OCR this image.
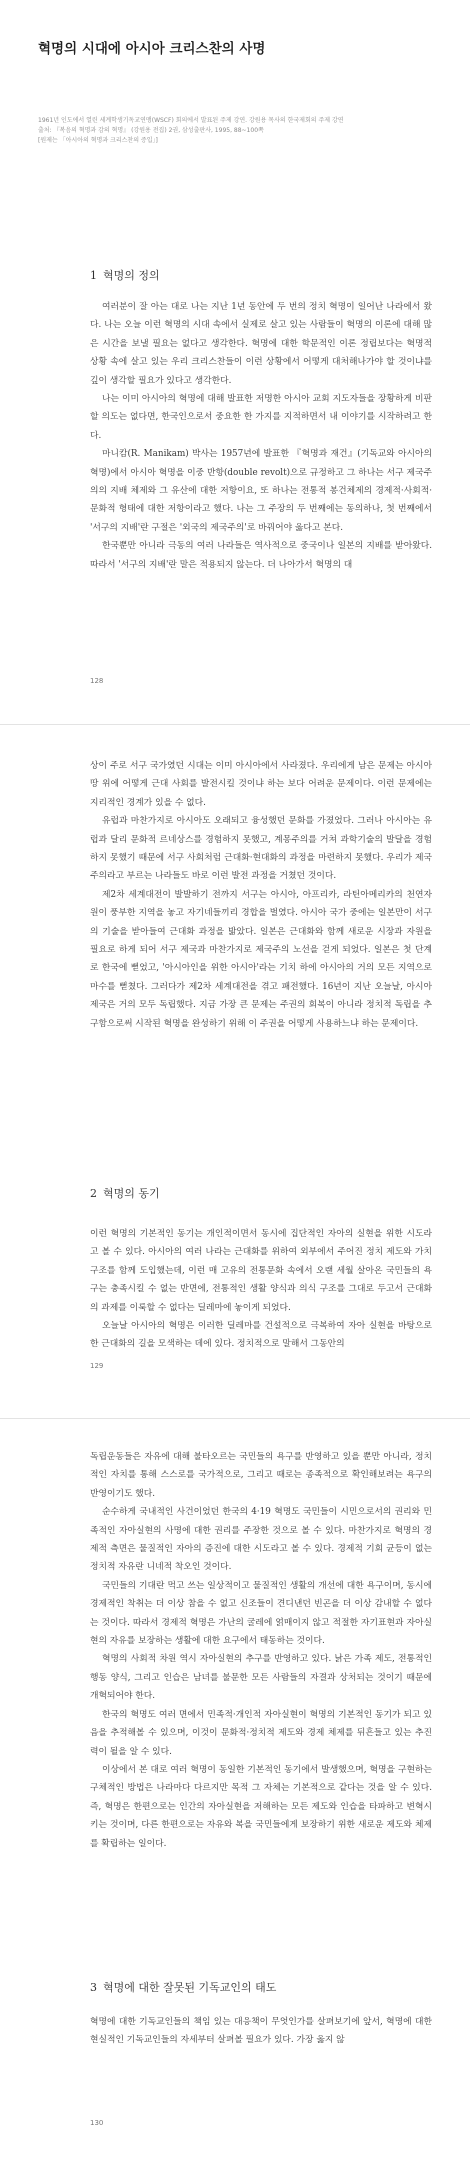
혁명의 시대에 아시아 크리스찬의 사명
1961년 인도에서 열린 세계학생기독교연맹(WSCF) 회의에서 발표된 주제 강연. 강원용 목사의 한국제회의 주제 강연
출처: 『복음의 혁명과 감의 혁명』 (강원용 전집) 2권, 삼성출판사, 1995, 88~100쪽
[원제는 「아시아의 혁명과 크리스찬의 증입」]
1 혁명의 정의

여러분이 잘 아는 대로 나는 지난 1년 동안에 두 번의 정치 혁명이 일어난 나라에서 왔다. 나는 오늘 이런 혁명의 시대 속에서 실제로 살고 있는 사람들이 혁명의 이론에 대해 많은 시간을 보낼 필요는 없다고 생각한다. 혁명에 대한 학문적인 이론 정립보다는 혁명적 상황 속에 살고 있는 우리 크리스찬들이 이런 상황에서 어떻게 대처해나가야 할 것이냐를 깊이 생각할 필요가 있다고 생각한다.

나는 이미 아시아의 혁명에 대해 발표한 저명한 아시아 교회 지도자들을 장황하게 비판할 의도는 없다면, 한국인으로서 중요한 한 가지를 지적하면서 내 이야기를 시작하려고 한다.

마니캄(R. Manikam) 박사는 1957년에 발표한 『혁명과 재건』(기독교와 아시아의 혁명)에서 아시아 혁명을 이중 반항(double revolt)으로 규정하고 그 하나는 서구 제국주의의 지배 체제와 그 유산에 대한 저항이요, 또 하나는 전통적 봉건체제의 경제적·사회적·문화적 형태에 대한 저항이라고 했다. 나는 그 주장의 두 번째에는 동의하나, 첫 번째에서 '서구의 지배'란 구절은 '외국의 제국주의'로 바꿔어야 옳다고 본다.

한국뿐만 아니라 극동의 여러 나라들은 역사적으로 중국이나 일본의 지배를 받아왔다. 따라서 '서구의 지배'란 말은 적용되지 않는다. 더 나아가서 혁명의 대

128

상이 주로 서구 국가였던 시대는 이미 아시아에서 사라졌다. 우리에게 남은 문제는 아시아 땅 위에 어떻게 근대 사회를 발전시킬 것이냐 하는 보다 어려운 문제이다. 이런 문제에는 지리적인 경계가 있을 수 없다.

유럽과 마찬가지로 아시아도 오래되고 융성했던 문화를 가졌었다. 그러나 아시아는 유럽과 달리 문화적 르네상스를 경험하지 못했고, 계몽주의를 거쳐 과학기술의 발달을 경험하지 못했기 때문에 서구 사회처럼 근대화·현대화의 과정을 마련하지 못했다. 우리가 제국주의라고 부르는 나라들도 바로 이런 발전 과정을 거쳤던 것이다.

제2차 세계대전이 발발하기 전까지 서구는 아시아, 아프리카, 라틴아메리카의 천연자원이 풍부한 지역을 놓고 자기네들끼리 경합을 벌였다. 아시아 국가 중에는 일본만이 서구의 기술을 받아들여 근대화 과정을 밟았다. 일본은 근대화와 함께 새로운 시장과 자원을 필요로 하게 되어 서구 제국과 마찬가지로 제국주의 노선을 걷게 되었다. 일본은 첫 단계로 한국에 뻗었고, '아시아인을 위한 아시아'라는 기치 하에 아시아의 거의 모든 지역으로 마수를 뻗쳤다. 그러다가 제2차 세계대전을 겪고 패전했다. 16년이 지난 오늘날, 아시아 제국은 거의 모두 독립했다. 지금 가장 큰 문제는 주권의 회복이 아니라 정치적 독립을 추구함으로써 시작된 혁명을 완성하기 위해 이 주권을 어떻게 사용하느냐 하는 문제이다.

2 혁명의 동기

이런 혁명의 기본적인 동기는 개인적이면서 동시에 집단적인 자아의 실현을 위한 시도라고 볼 수 있다. 아시아의 여러 나라는 근대화를 위하여 외부에서 주어진 정치 제도와 가치 구조를 함께 도입했는데, 이런 매 고유의 전통문화 속에서 오랜 세월 살아온 국민들의 욕구는 충족시킬 수 없는 반면에, 전통적인 생활 양식과 의식 구조를 그대로 두고서 근대화의 과제를 이룩할 수 없다는 딜레마에 놓이게 되었다.

오늘날 아시아의 혁명은 이러한 딜레마를 건설적으로 극복하여 자아 실현을 바탕으로 한 근대화의 길을 모색하는 데에 있다. 정치적으로 말해서 그동안의

129

독립운동들은 자유에 대해 불타오르는 국민들의 욕구를 반영하고 있을 뿐만 아니라, 정치적인 자치를 통해 스스로를 국가적으로, 그리고 때로는 종족적으로 확인해보려는 욕구의 반영이기도 했다.

순수하게 국내적인 사건이었던 한국의 4·19 혁명도 국민들이 시민으로서의 권리와 민족적인 자아실현의 사명에 대한 권리를 주장한 것으로 볼 수 있다. 마찬가지로 혁명의 경제적 측면은 물질적인 자아의 증진에 대한 시도라고 볼 수 있다. 경제적 기회 균등이 없는 정치적 자유란 니네적 착오인 것이다.

국민들의 기대란 먹고 쓰는 일상적이고 물질적인 생활의 개선에 대한 욕구이며, 동시에 경제적인 착취는 더 이상 참을 수 없고 신조들이 견디낸던 빈곤을 더 이상 감내할 수 없다는 것이다. 따라서 경제적 혁명은 가난의 굴레에 얽매이지 않고 적절한 자기표현과 자아실현의 자유를 보장하는 생활에 대한 요구에서 태동하는 것이다.

혁명의 사회적 차원 역시 자아실현의 추구를 반영하고 있다. 낡은 가족 제도, 전통적인 행동 양식, 그리고 인습은 남녀를 불문한 모든 사람들의 자결과 상처되는 것이기 때문에 개혁되어야 한다.

한국의 혁명도 여러 면에서 민족적·개인적 자아실현이 혁명의 기본적인 동기가 되고 있음을 추적해볼 수 있으며, 이것이 문화적·정치적 제도와 경제 체제를 뒤흔들고 있는 추진력이 될을 알 수 있다.

이상에서 본 대로 여러 혁명이 동일한 기본적인 동기에서 발생했으며, 혁명을 구현하는 구체적인 방법은 나라마다 다르지만 목적 그 자체는 기본적으로 같다는 것을 알 수 있다. 즉, 혁명은 한편으로는 인간의 자아실현을 저해하는 모든 제도와 인습을 타파하고 변혁시키는 것이며, 다른 한편으로는 자유와 복을 국민들에게 보장하기 위한 새로운 제도와 체제를 확립하는 일이다.

3 혁명에 대한 잘못된 기독교인의 태도

혁명에 대한 기독교인들의 책임 있는 대응책이 무엇인가를 살펴보기에 앞서, 혁명에 대한 현실적인 기독교인들의 자세부터 살펴볼 필요가 있다. 가장 옳지 않

130
